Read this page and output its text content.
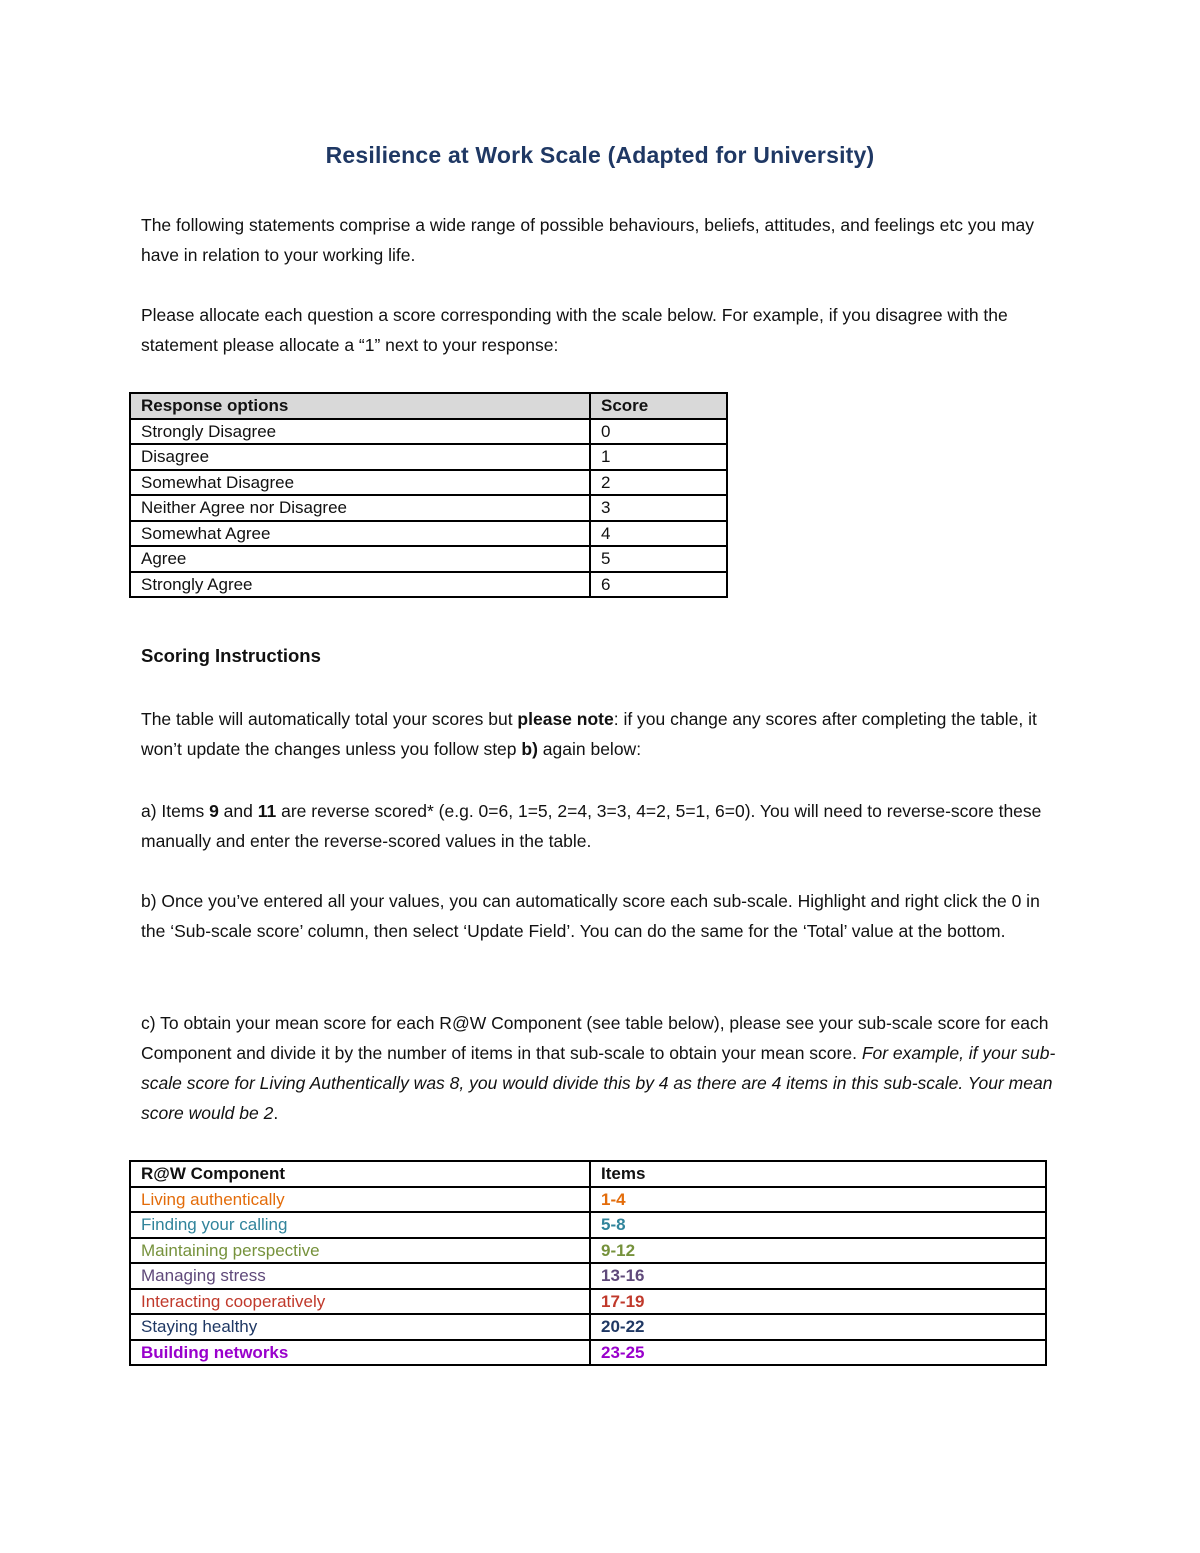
Resilience at Work Scale (Adapted for University)

The following statements comprise a wide range of possible behaviours, beliefs, attitudes, and feelings etc you may have in relation to your working life.

Please allocate each question a score corresponding with the scale below. For example, if you disagree with the statement please allocate a “1” next to your response:

Response options	Score
Strongly Disagree	0
Disagree	1
Somewhat Disagree	2
Neither Agree nor Disagree	3
Somewhat Agree	4
Agree	5
Strongly Agree	6

Scoring Instructions

The table will automatically total your scores but please note: if you change any scores after completing the table, it won’t update the changes unless you follow step b) again below:

a) Items 9 and 11 are reverse scored* (e.g. 0=6, 1=5, 2=4, 3=3, 4=2, 5=1, 6=0). You will need to reverse-score these manually and enter the reverse-scored values in the table.

b) Once you’ve entered all your values, you can automatically score each sub-scale. Highlight and right click the 0 in the ‘Sub-scale score’ column, then select ‘Update Field’. You can do the same for the ‘Total’ value at the bottom.

c) To obtain your mean score for each R@W Component (see table below), please see your sub-scale score for each Component and divide it by the number of items in that sub-scale to obtain your mean score. For example, if your sub-scale score for Living Authentically was 8, you would divide this by 4 as there are 4 items in this sub-scale. Your mean score would be 2.

R@W Component	Items
Living authentically	1-4
Finding your calling	5-8
Maintaining perspective	9-12
Managing stress	13-16
Interacting cooperatively	17-19
Staying healthy	20-22
Building networks	23-25
